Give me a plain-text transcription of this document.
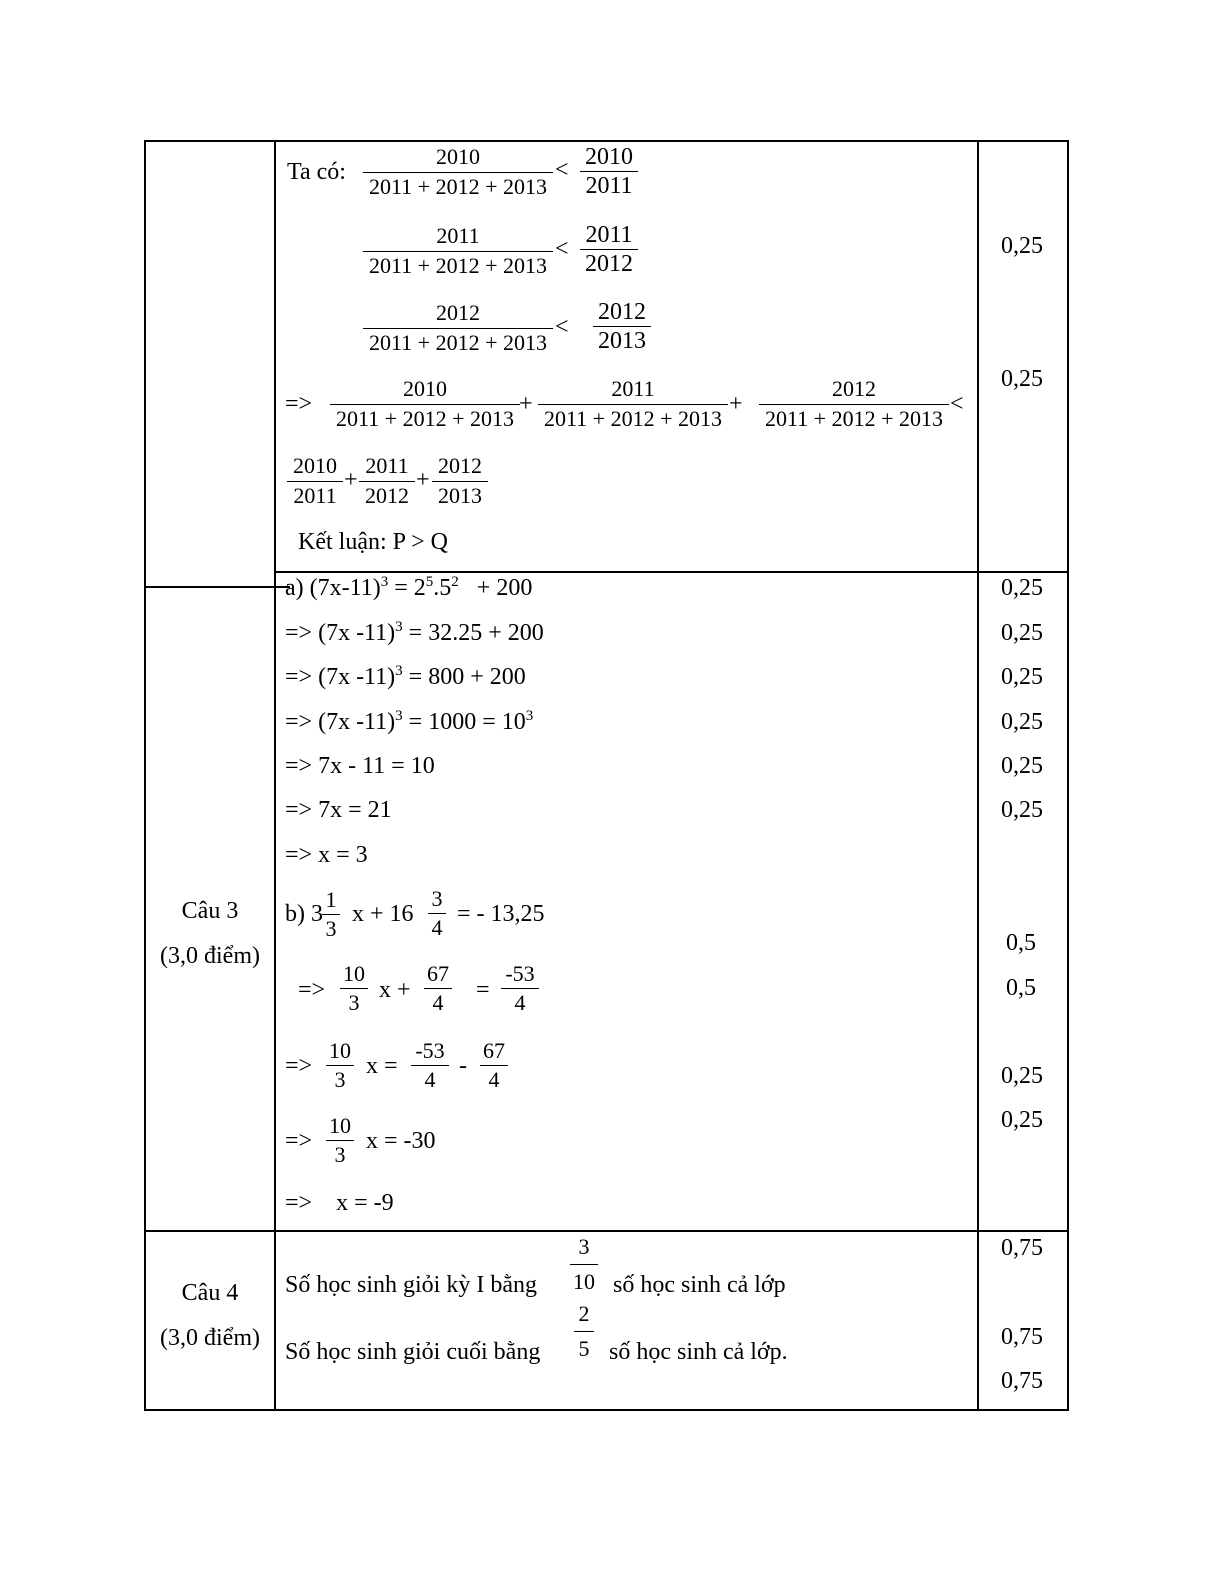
Ta có:
2010
2011 + 2012 + 2013
< 2010
2011
2011
2011 + 2012 + 2013
<
2011
2012
2012
2011 + 2012 + 2013
<
2012
2013
=>
2010
2011 + 2012 + 2013
+
2011
2011 + 2012 + 2013
+
2012
2011 + 2012 + 2013
<
2010
2011
+
2011
2012
+
2012
2013
Kết luận: P > Q
0,25
0,25
Câu 3
(3,0 điểm)
a) $(7x-11)^3 = 2^5.5^2 + 200$
=> (7x -11)$^3$ = 32.25 + 200
=> (7x -11)$^3$ = 800 + 200
=> (7x $-11)^3 = 1000 = 10^3$
=> 7x - 11 = 10
=> 7x = 21
=> x = 3
b) 3
1
3
x + 16
3
4
= - 13,25
=>
10
3 x +
67
4	=
-53
4
=>
10
3
x =
-53
4
-
67
4
=>
10
3
x = -30
=>    x = -9
0,25
0,25
0,25
0,25
0,25
0,25
0,5
0,5
0,25
0,25
Câu 4
(3,0 điểm)
Số học sinh giỏi kỳ I bằng
3
10 số học sinh cả lớp
Số học sinh giỏi cuối bằng
2
5 số học sinh cả lớp.
0,75
0,75
0,75
